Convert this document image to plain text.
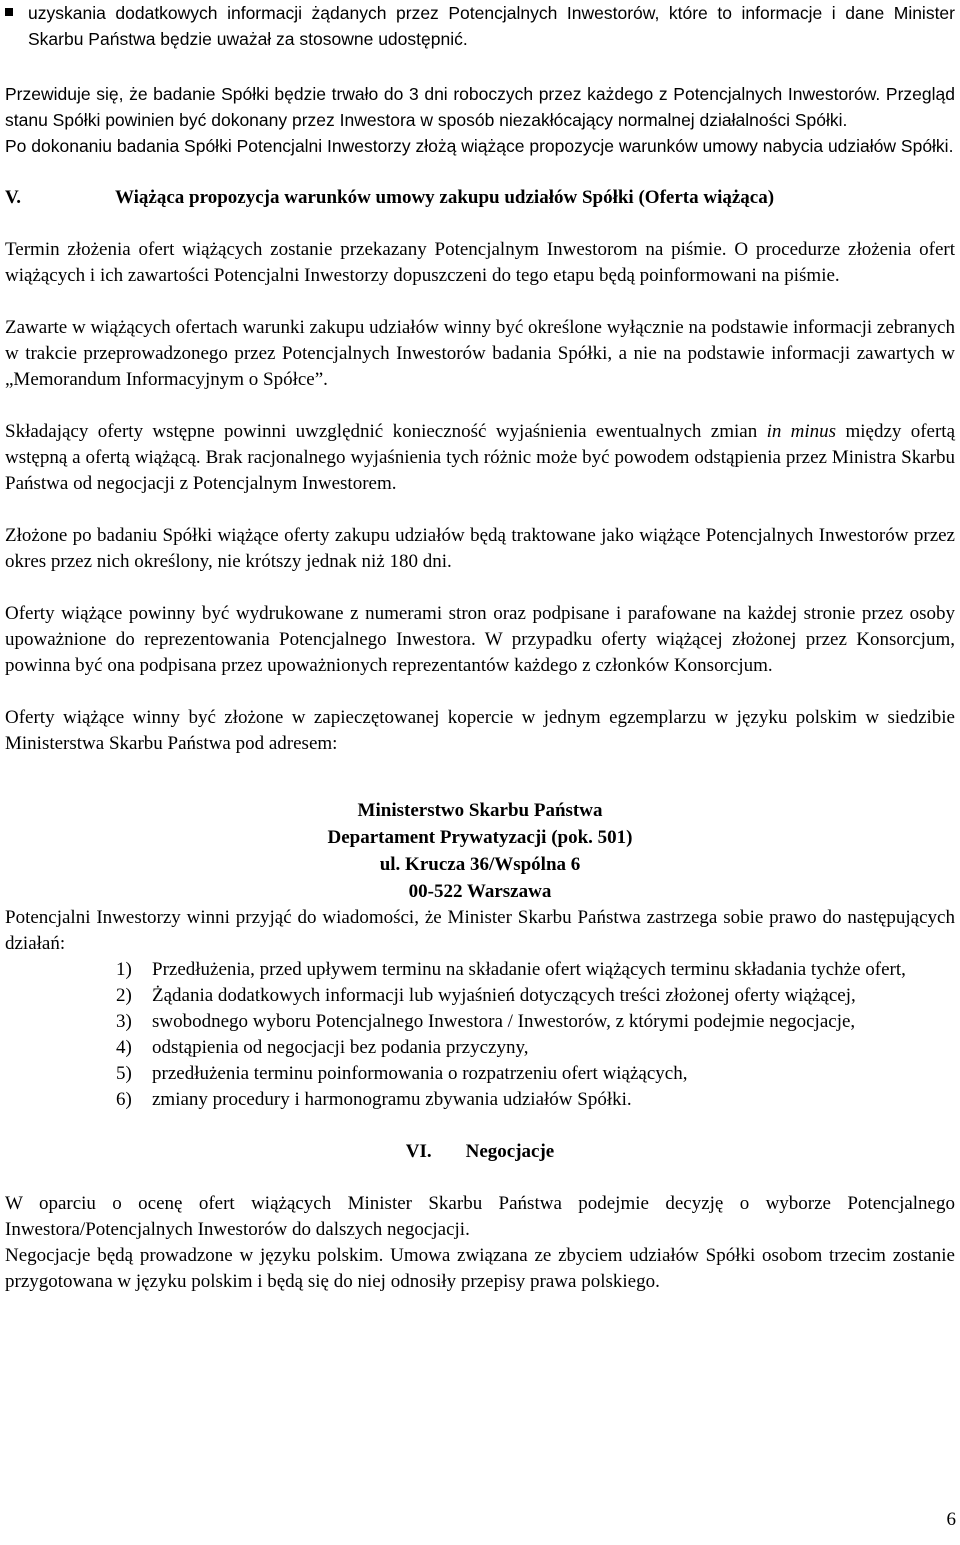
uzyskania dodatkowych informacji żądanych przez Potencjalnych Inwestorów, które to informacje i dane Minister Skarbu Państwa będzie uważał za stosowne udostępnić.

Przewiduje się, że badanie Spółki będzie trwało do 3 dni roboczych przez każdego z Potencjalnych Inwestorów. Przegląd stanu Spółki powinien być dokonany przez Inwestora w sposób niezakłócający normalnej działalności Spółki.

Po dokonaniu badania Spółki Potencjalni Inwestorzy złożą wiążące propozycje warunków umowy nabycia udziałów Spółki.

V.	Wiążąca propozycja warunków umowy zakupu udziałów Spółki (Oferta wiążąca)

Termin złożenia ofert wiążących zostanie przekazany Potencjalnym Inwestorom na piśmie. O procedurze złożenia ofert wiążących i ich zawartości Potencjalni Inwestorzy dopuszczeni do tego etapu będą poinformowani na piśmie.

Zawarte w wiążących ofertach warunki zakupu udziałów winny być określone wyłącznie na podstawie informacji zebranych w trakcie przeprowadzonego przez Potencjalnych Inwestorów badania Spółki, a nie na podstawie informacji zawartych w „Memorandum Informacyjnym o Spółce”.

Składający oferty wstępne powinni uwzględnić konieczność wyjaśnienia ewentualnych zmian in minus między ofertą wstępną a ofertą wiążącą. Brak racjonalnego wyjaśnienia tych różnic może być powodem odstąpienia przez Ministra Skarbu Państwa od negocjacji z Potencjalnym Inwestorem.

Złożone po badaniu Spółki wiążące oferty zakupu udziałów będą traktowane jako wiążące Potencjalnych Inwestorów przez okres przez nich określony, nie krótszy jednak niż 180 dni.

Oferty wiążące powinny być wydrukowane z numerami stron oraz podpisane i parafowane na każdej stronie przez osoby upoważnione do reprezentowania Potencjalnego Inwestora. W przypadku oferty wiążącej złożonej przez Konsorcjum, powinna być ona podpisana przez upoważnionych reprezentantów każdego z członków Konsorcjum.

Oferty wiążące winny być złożone w zapieczętowanej kopercie w jednym egzemplarzu w języku polskim w siedzibie Ministerstwa Skarbu Państwa pod adresem:

Ministerstwo Skarbu Państwa
Departament Prywatyzacji (pok. 501)
ul. Krucza 36/Wspólna 6
00-522 Warszawa

Potencjalni Inwestorzy winni przyjąć do wiadomości, że Minister Skarbu Państwa zastrzega sobie prawo do następujących działań:

1) Przedłużenia, przed upływem terminu na składanie ofert wiążących terminu składania tychże ofert,
2) Żądania dodatkowych informacji lub wyjaśnień dotyczących treści złożonej oferty wiążącej,
3) swobodnego wyboru Potencjalnego Inwestora / Inwestorów, z którymi podejmie negocjacje,
4) odstąpienia od negocjacji bez podania przyczyny,
5) przedłużenia terminu poinformowania o rozpatrzeniu ofert wiążących,
6) zmiany procedury i harmonogramu zbywania udziałów Spółki.
VI. Negocjacje

W oparciu o ocenę ofert wiążących Minister Skarbu Państwa podejmie decyzję o wyborze Potencjalnego Inwestora/Potencjalnych Inwestorów do dalszych negocjacji.

Negocjacje będą prowadzone w języku polskim. Umowa związana ze zbyciem udziałów Spółki osobom trzecim zostanie przygotowana w języku polskim i będą się do niej odnosiły przepisy prawa polskiego.

6
